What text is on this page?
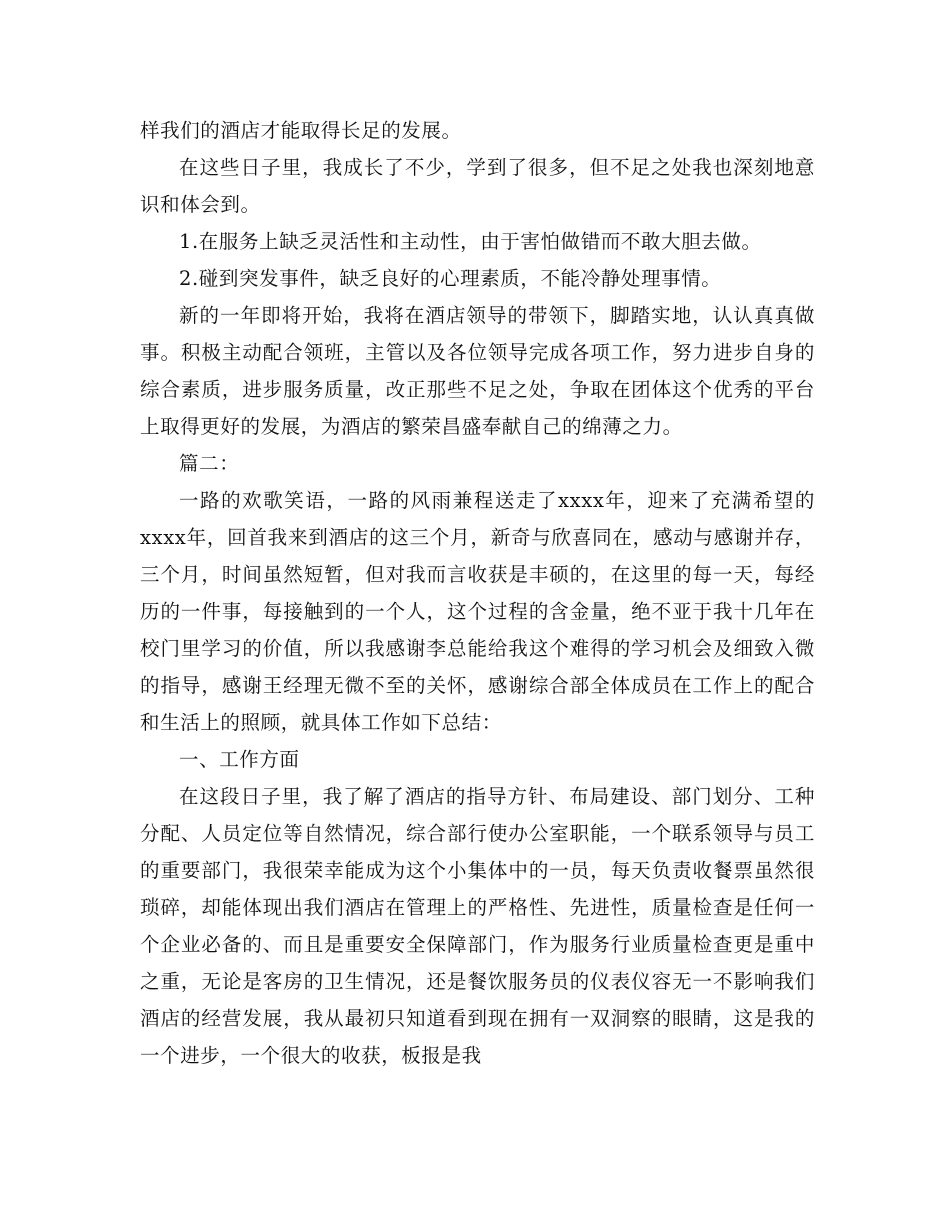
样我们的酒店才能取得长足的发展。

在这些日子里，我成长了不少，学到了很多，但不足之处我也深刻地意识和体会到。

1.在服务上缺乏灵活性和主动性，由于害怕做错而不敢大胆去做。

2.碰到突发事件，缺乏良好的心理素质，不能冷静处理事情。

新的一年即将开始，我将在酒店领导的带领下，脚踏实地，认认真真做事。积极主动配合领班，主管以及各位领导完成各项工作，努力进步自身的综合素质，进步服务质量，改正那些不足之处，争取在团体这个优秀的平台上取得更好的发展，为酒店的繁荣昌盛奉献自己的绵薄之力。

篇二：

一路的欢歌笑语，一路的风雨兼程送走了xxxx年，迎来了充满希望的xxxx年，回首我来到酒店的这三个月，新奇与欣喜同在，感动与感谢并存，三个月，时间虽然短暂，但对我而言收获是丰硕的，在这里的每一天，每经历的一件事，每接触到的一个人，这个过程的含金量，绝不亚于我十几年在校门里学习的价值，所以我感谢李总能给我这个难得的学习机会及细致入微的指导，感谢王经理无微不至的关怀，感谢综合部全体成员在工作上的配合和生活上的照顾，就具体工作如下总结：

一、工作方面

在这段日子里，我了解了酒店的指导方针、布局建设、部门划分、工种分配、人员定位等自然情况，综合部行使办公室职能，一个联系领导与员工的重要部门，我很荣幸能成为这个小集体中的一员，每天负责收餐票虽然很琐碎，却能体现出我们酒店在管理上的严格性、先进性，质量检查是任何一个企业必备的、而且是重要安全保障部门，作为服务行业质量检查更是重中之重，无论是客房的卫生情况，还是餐饮服务员的仪表仪容无一不影响我们酒店的经营发展，我从最初只知道看到现在拥有一双洞察的眼睛，这是我的一个进步，一个很大的收获，板报是我
